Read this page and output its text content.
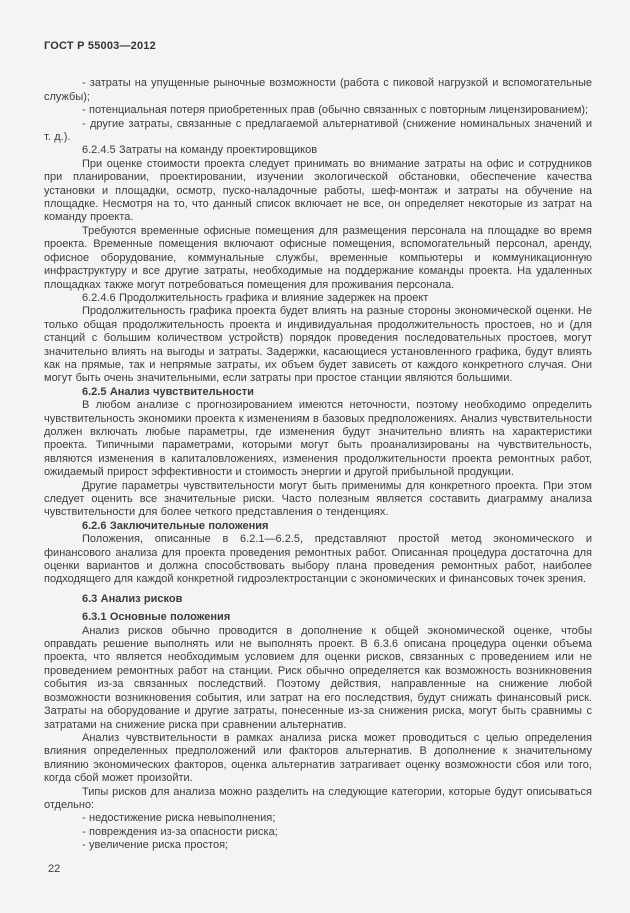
ГОСТ Р 55003—2012

- затраты на упущенные рыночные возможности (работа с пиковой нагрузкой и вспомогательные службы);

- потенциальная потеря приобретенных прав (обычно связанных с повторным лицензированием);

- другие затраты, связанные с предлагаемой альтернативой (снижение номинальных значений и т. д.).

6.2.4.5 Затраты на команду проектировщиков

При оценке стоимости проекта следует принимать во внимание затраты на офис и сотрудников при планировании, проектировании, изучении экологической обстановки, обеспечение качества установки и площадки, осмотр, пуско-наладочные работы, шеф-монтаж и затраты на обучение на площадке. Несмотря на то, что данный список включает не все, он определяет некоторые из затрат на команду проекта.

Требуются временные офисные помещения для размещения персонала на площадке во время проекта. Временные помещения включают офисные помещения, вспомогательный персонал, аренду, офисное оборудование, коммунальные службы, временные компьютеры и коммуникационную инфраструктуру и все другие затраты, необходимые на поддержание команды проекта. На удаленных площадках также могут потребоваться помещения для проживания персонала.

6.2.4.6 Продолжительность графика и влияние задержек на проект

Продолжительность графика проекта будет влиять на разные стороны экономической оценки. Не только общая продолжительность проекта и индивидуальная продолжительность простоев, но и (для станций с большим количеством устройств) порядок проведения последовательных простоев, могут значительно влиять на выгоды и затраты. Задержки, касающиеся установленного графика, будут влиять как на прямые, так и непрямые затраты, их объем будет зависеть от каждого конкретного случая. Они могут быть очень значительными, если затраты при простое станции являются большими.

6.2.5 Анализ чувствительности

В любом анализе с прогнозированием имеются неточности, поэтому необходимо определить чувствительность экономики проекта к изменениям в базовых предположениях. Анализ чувствительности должен включать любые параметры, где изменения будут значительно влиять на характеристики проекта. Типичными параметрами, которыми могут быть проанализированы на чувствительность, являются изменения в капиталовложениях, изменения продолжительности проекта ремонтных работ, ожидаемый прирост эффективности и стоимость энергии и другой прибыльной продукции.

Другие параметры чувствительности могут быть применимы для конкретного проекта. При этом следует оценить все значительные риски. Часто полезным является составить диаграмму анализа чувствительности для более четкого представления о тенденциях.

6.2.6 Заключительные положения

Положения, описанные в 6.2.1—6.2.5, представляют простой метод экономического и финансового анализа для проекта проведения ремонтных работ. Описанная процедура достаточна для оценки вариантов и должна способствовать выбору плана проведения ремонтных работ, наиболее подходящего для каждой конкретной гидроэлектростанции с экономических и финансовых точек зрения.

6.3 Анализ рисков

6.3.1 Основные положения

Анализ рисков обычно проводится в дополнение к общей экономической оценке, чтобы оправдать решение выполнять или не выполнять проект. В 6.3.6 описана процедура оценки объема проекта, что является необходимым условием для оценки рисков, связанных с проведением или не проведением ремонтных работ на станции. Риск обычно определяется как возможность возникновения события из-за связанных последствий. Поэтому действия, направленные на снижение любой возможности возникновения события, или затрат на его последствия, будут снижать финансовый риск. Затраты на оборудование и другие затраты, понесенные из-за снижения риска, могут быть сравнимы с затратами на снижение риска при сравнении альтернатив.

Анализ чувствительности в рамках анализа риска может проводиться с целью определения влияния определенных предположений или факторов альтернатив. В дополнение к значительному влиянию экономических факторов, оценка альтернатив затрагивает оценку возможности сбоя или того, когда сбой может произойти.

Типы рисков для анализа можно разделить на следующие категории, которые будут описываться отдельно:

- недостижение риска невыполнения;

- повреждения из-за опасности риска;

- увеличение риска простоя;

22
